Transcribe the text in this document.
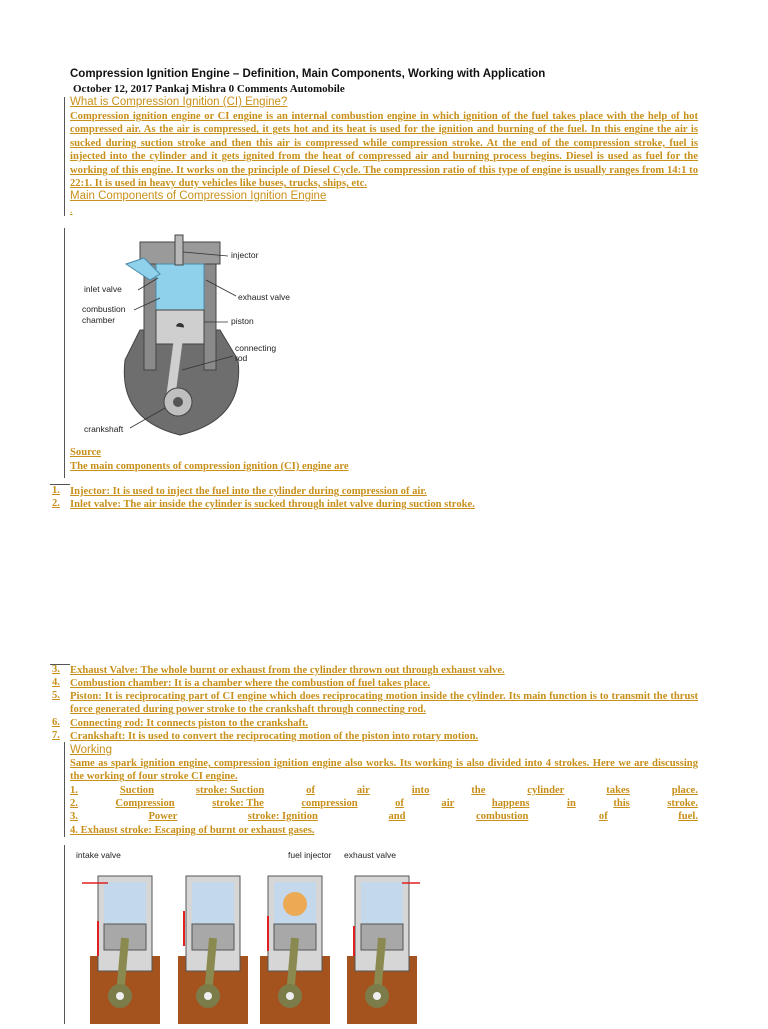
Compression Ignition Engine – Definition, Main Components, Working with Application
October 12, 2017 Pankaj Mishra 0 Comments Automobile
What is Compression Ignition (CI) Engine?
Compression ignition engine or CI engine is an internal combustion engine in which ignition of the fuel takes place with the help of hot compressed air. As the air is compressed, it gets hot and its heat is used for the ignition and burning of the fuel. In this engine the air is sucked during suction stroke and then this air is compressed while compression stroke. At the end of the compression stroke, fuel is injected into the cylinder and it gets ignited from the heat of compressed air and burning process begins. Diesel is used as fuel for the working of this engine. It works on the principle of Diesel Cycle. The compression ratio of this type of engine is usually ranges from 14:1 to 22:1. It is used in heavy duty vehicles like buses, trucks, ships, etc.
Main Components of Compression Ignition Engine
.
injector
inlet valve
exhaust valve
combustion
chamber	piston
connecting
rod
crankshaft
Source
The main components of compression ignition (CI) engine are
1. Injector: It is used to inject the fuel into the cylinder during compression of air.
2. Inlet valve: The air inside the cylinder is sucked through inlet valve during suction stroke.
3. Exhaust Valve: The whole burnt or exhaust from the cylinder thrown out through exhaust valve.
4. Combustion chamber: It is a chamber where the combustion of fuel takes place.
5. Piston: It is reciprocating part of CI engine which does reciprocating motion inside the cylinder. Its main function is to transmit the thrust force generated during power stroke to the crankshaft through connecting rod.
6. Connecting rod: It connects piston to the crankshaft.
7. Crankshaft: It is used to convert the reciprocating motion of the piston into rotary motion.
Working
Same as spark ignition engine, compression ignition engine also works. Its working is also divided into 4 strokes. Here we are discussing the working of four stroke CI engine.
1.	Suction	stroke: Suction	of	air	into	the	cylinder	takes	place.
2.	Compression	stroke: The	compression	of	air	happens	in	this	stroke.
3.	Power	stroke: Ignition	and	combustion	of	fuel.
4. Exhaust stroke: Escaping of burnt or exhaust gases.
intake valve	fuel injector exhaust valve
